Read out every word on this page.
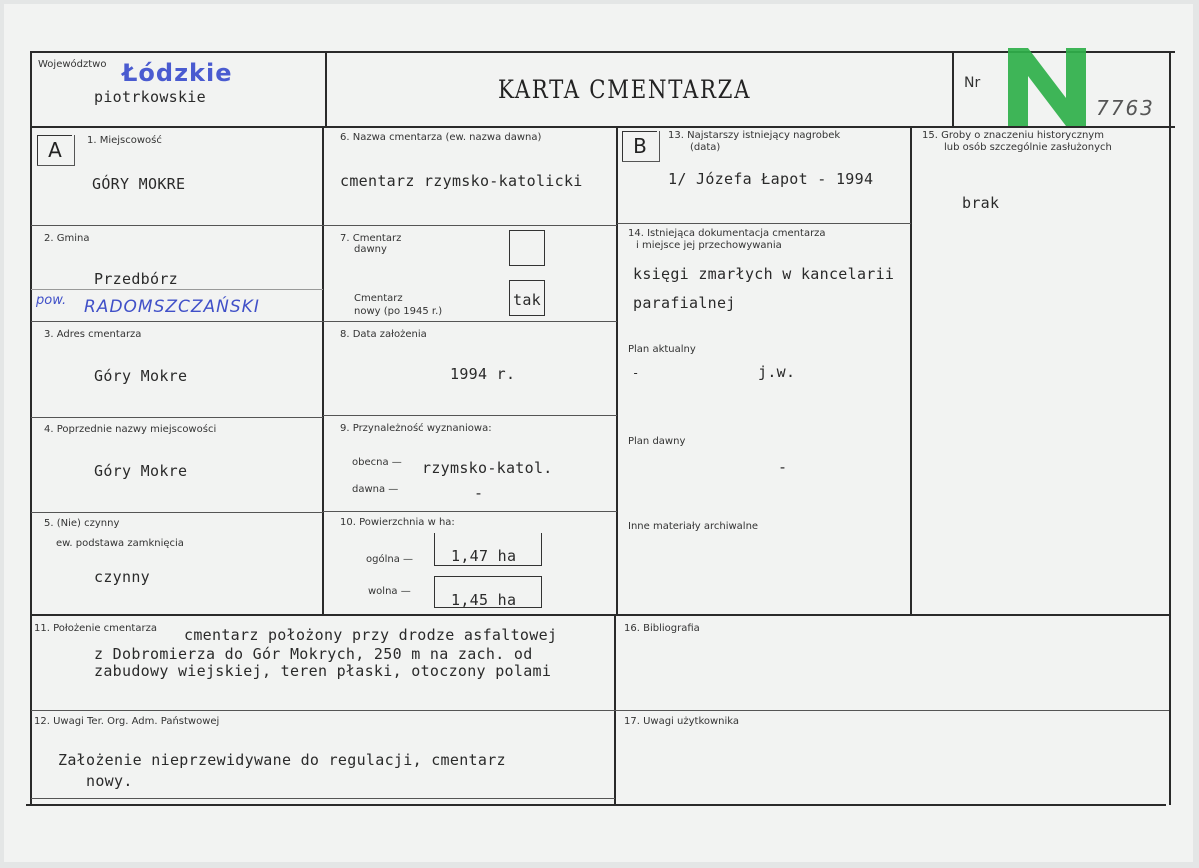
Województwo Łódzkie
piotrkowskie	KARTA CMENTARZA	Nr
7763
A	1. Miejscowość
GÓRY MOKRE
2. Gmina
Przedbórz
pow. RADOMSZCZAŃSKI
3. Adres cmentarza
Góry Mokre
4. Poprzednie nazwy miejscowości
Góry Mokre
5. (Nie) czynny
ew. podstawa zamknięcia
czynny
6. Nazwa cmentarza (ew. nazwa dawna)
cmentarz rzymsko-katolicki
7. Cmentarz
dawny
Cmentarz
nowy (po 1945 r.)
tak
8. Data założenia
1994 r.
9. Przynależność wyznaniowa:
obecna — rzymsko-katol.
dawna —	-
10. Powierzchnia w ha:
ogólna —	1,47 ha
wolna —	1,45 ha
B	13. Najstarszy istniejący nagrobek
(data)
1/ Józefa Łapot - 1994
14. Istniejąca dokumentacja cmentarza
i miejsce jej przechowywania
księgi zmarłych w kancelarii
parafialnej
Plan aktualny
-	j.w.
Plan dawny
-
Inne materiały archiwalne
15. Groby o znaczeniu historycznym
lub osób szczególnie zasłużonych
brak
11. Położenie cmentarza cmentarz położony przy drodze asfaltowej
z Dobromierza do Gór Mokrych, 250 m na zach. od
zabudowy wiejskiej, teren płaski, otoczony polami
12. Uwagi Ter. Org. Adm. Państwowej
Założenie nieprzewidywane do regulacji, cmentarz
nowy.
16. Bibliografia
17. Uwagi użytkownika
